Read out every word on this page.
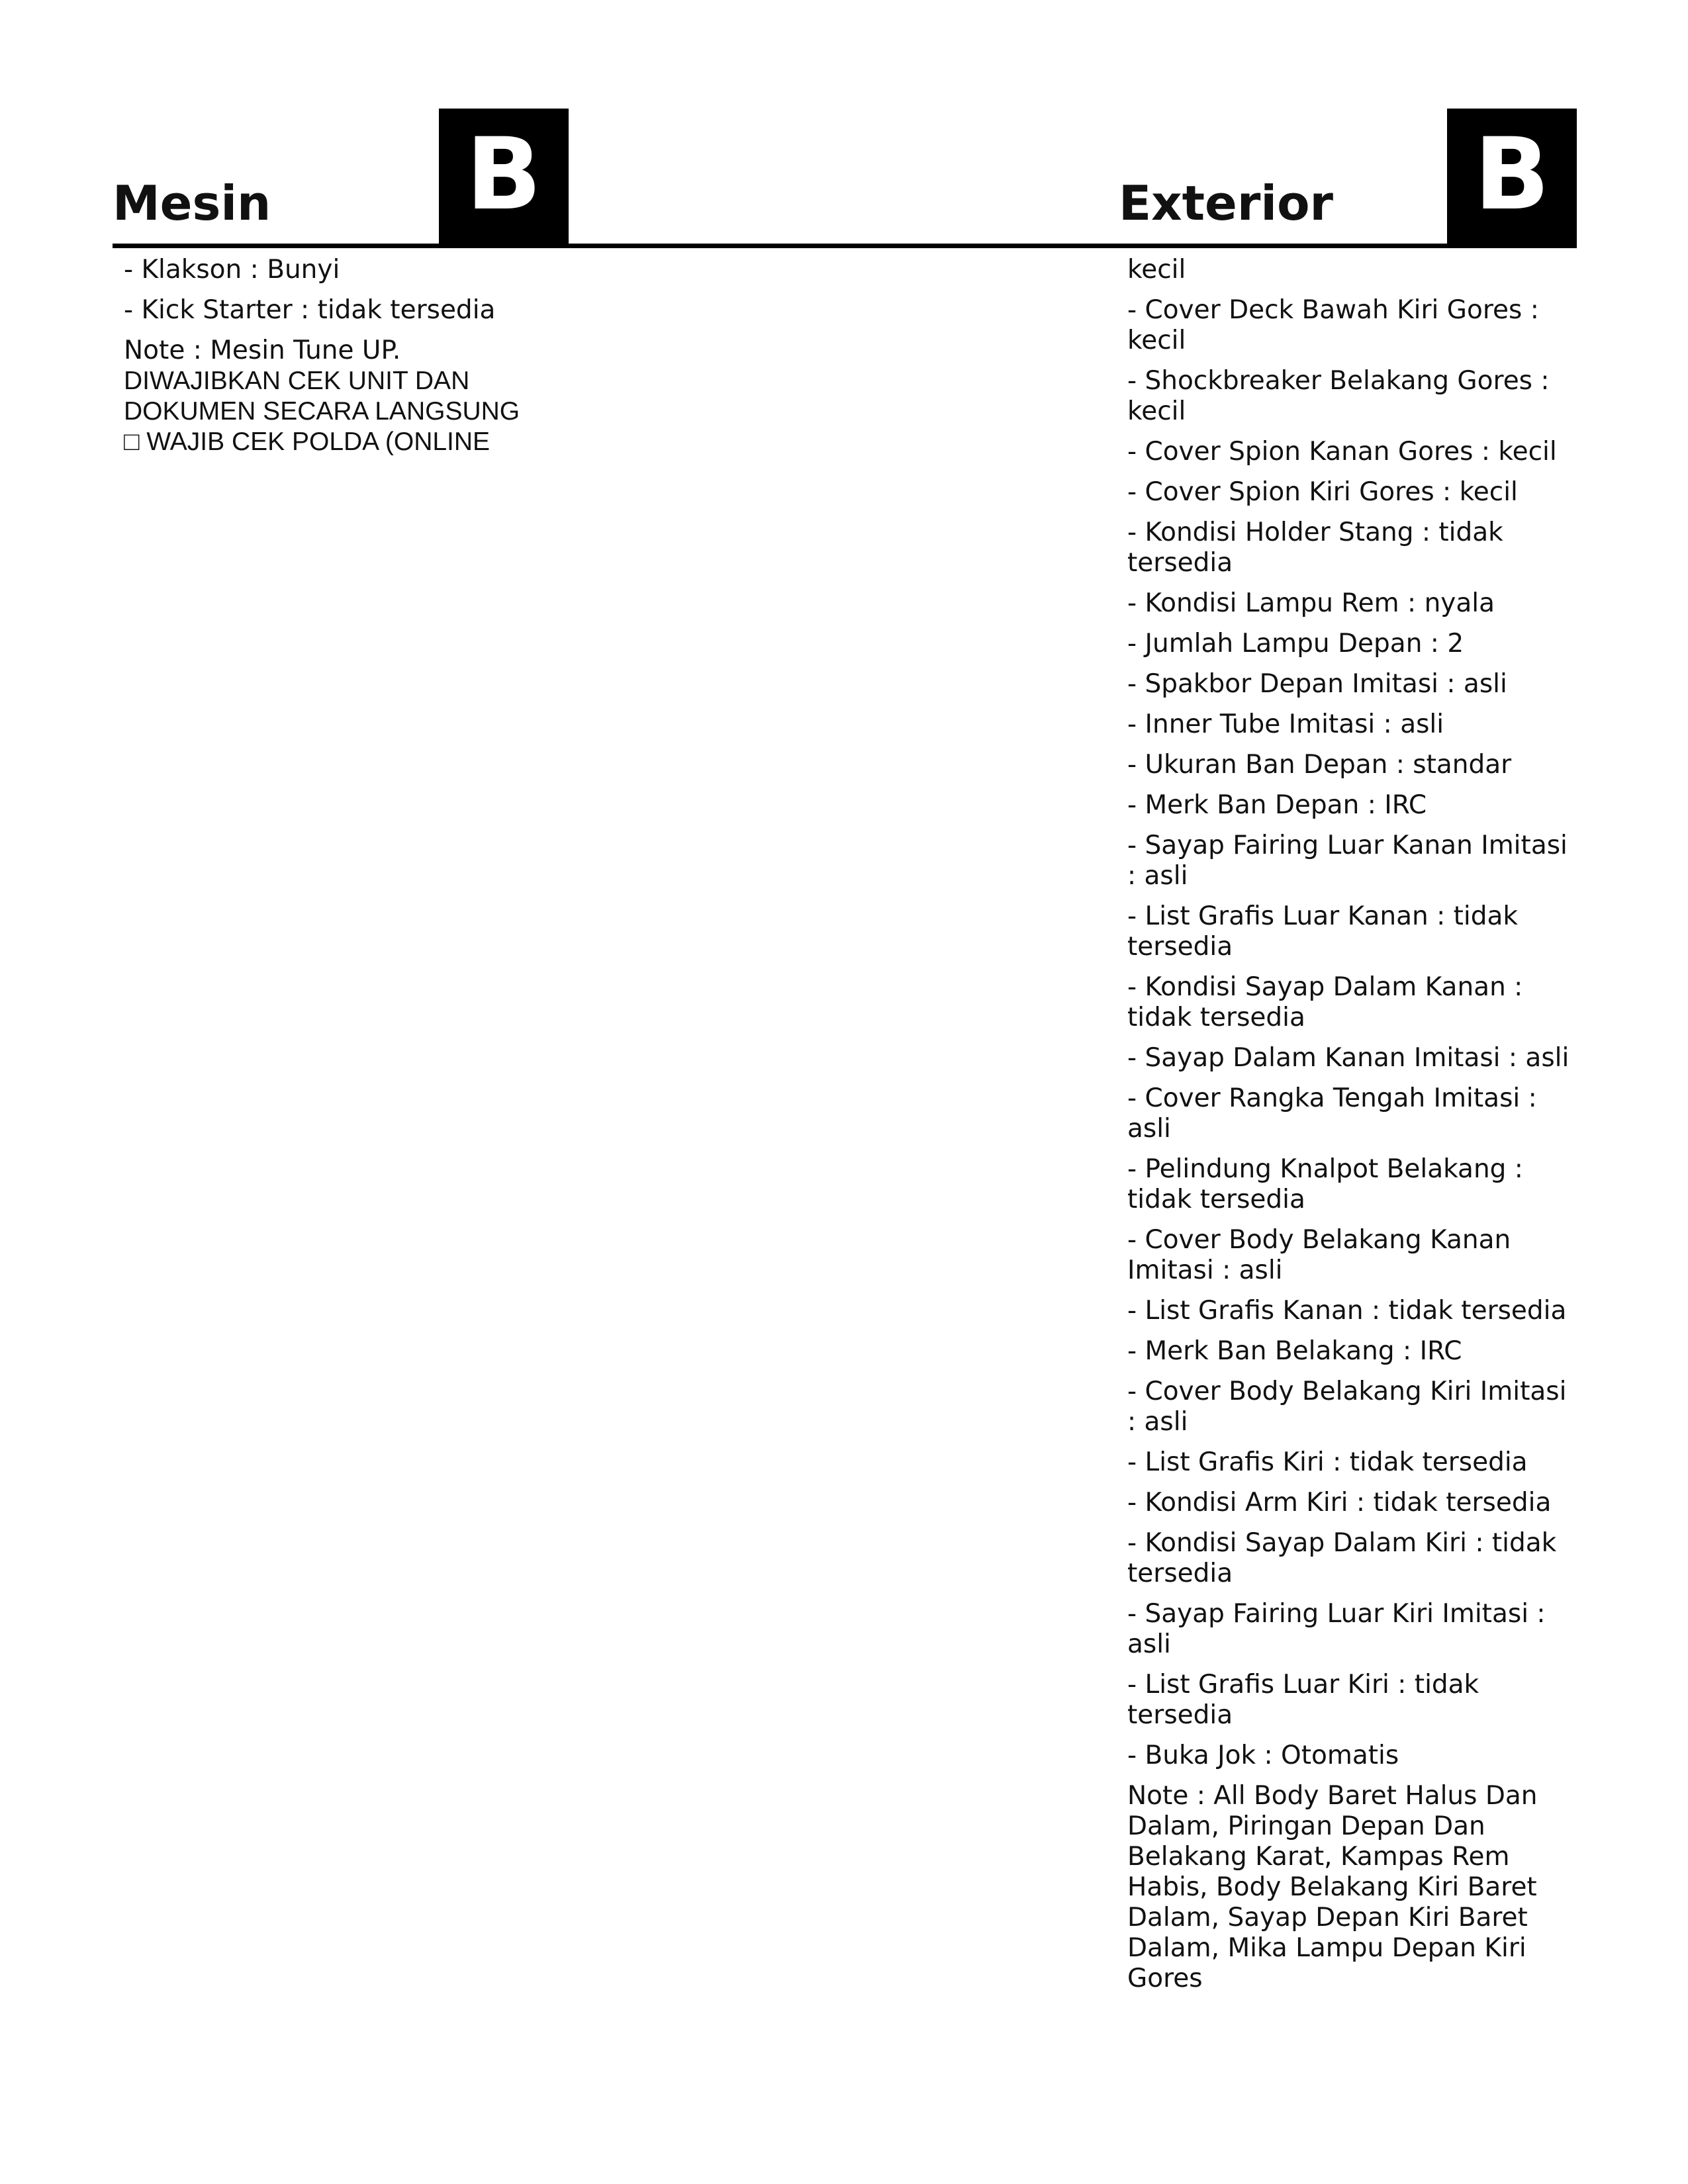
Mesin B	Exterior B
- Klakson : Bunyi
- Kick Starter : tidak tersedia
Note : Mesin Tune UP.
DIWAJIBKAN CEK UNIT DAN
DOKUMEN SECARA LANGSUNG
□ WAJIB CEK POLDA (ONLINE
kecil
- Cover Deck Bawah Kiri Gores : kecil
- Shockbreaker Belakang Gores : kecil
- Cover Spion Kanan Gores : kecil
- Cover Spion Kiri Gores : kecil
- Kondisi Holder Stang : tidak tersedia
- Kondisi Lampu Rem : nyala
- Jumlah Lampu Depan : 2
- Spakbor Depan Imitasi : asli
- Inner Tube Imitasi : asli
- Ukuran Ban Depan : standar
- Merk Ban Depan : IRC
- Sayap Fairing Luar Kanan Imitasi : asli
- List Grafis Luar Kanan : tidak tersedia
- Kondisi Sayap Dalam Kanan : tidak tersedia
- Sayap Dalam Kanan Imitasi : asli
- Cover Rangka Tengah Imitasi : asli
- Pelindung Knalpot Belakang : tidak tersedia
- Cover Body Belakang Kanan Imitasi : asli
- List Grafis Kanan : tidak tersedia
- Merk Ban Belakang : IRC
- Cover Body Belakang Kiri Imitasi : asli
- List Grafis Kiri : tidak tersedia
- Kondisi Arm Kiri : tidak tersedia
- Kondisi Sayap Dalam Kiri : tidak tersedia
- Sayap Fairing Luar Kiri Imitasi : asli
- List Grafis Luar Kiri : tidak tersedia
- Buka Jok : Otomatis
Note : All Body Baret Halus Dan Dalam, Piringan Depan Dan Belakang Karat, Kampas Rem Habis, Body Belakang Kiri Baret Dalam, Sayap Depan Kiri Baret Dalam, Mika Lampu Depan Kiri Gores
